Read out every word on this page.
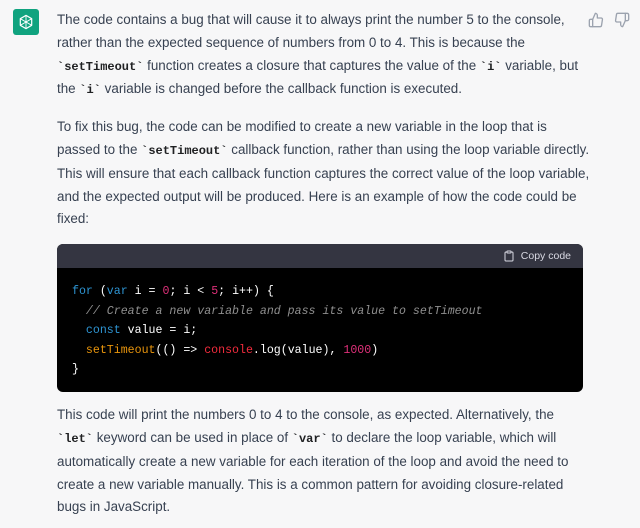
The code contains a bug that will cause it to always print the number 5 to the console, rather than the expected sequence of numbers from 0 to 4. This is because the `setTimeout` function creates a closure that captures the value of the `i` variable, but the `i` variable is changed before the callback function is executed.

To fix this bug, the code can be modified to create a new variable in the loop that is passed to the `setTimeout` callback function, rather than using the loop variable directly. This will ensure that each callback function captures the correct value of the loop variable, and the expected output will be produced. Here is an example of how the code could be fixed:

Copy code
for (var i = 0; i < 5; i++) {
// Create a new variable and pass its value to setTimeout
const value = i;
setTimeout(() => console.log(value), 1000)
}

This code will print the numbers 0 to 4 to the console, as expected. Alternatively, the `let` keyword can be used in place of `var` to declare the loop variable, which will automatically create a new variable for each iteration of the loop and avoid the need to create a new variable manually. This is a common pattern for avoiding closure-related bugs in JavaScript.
